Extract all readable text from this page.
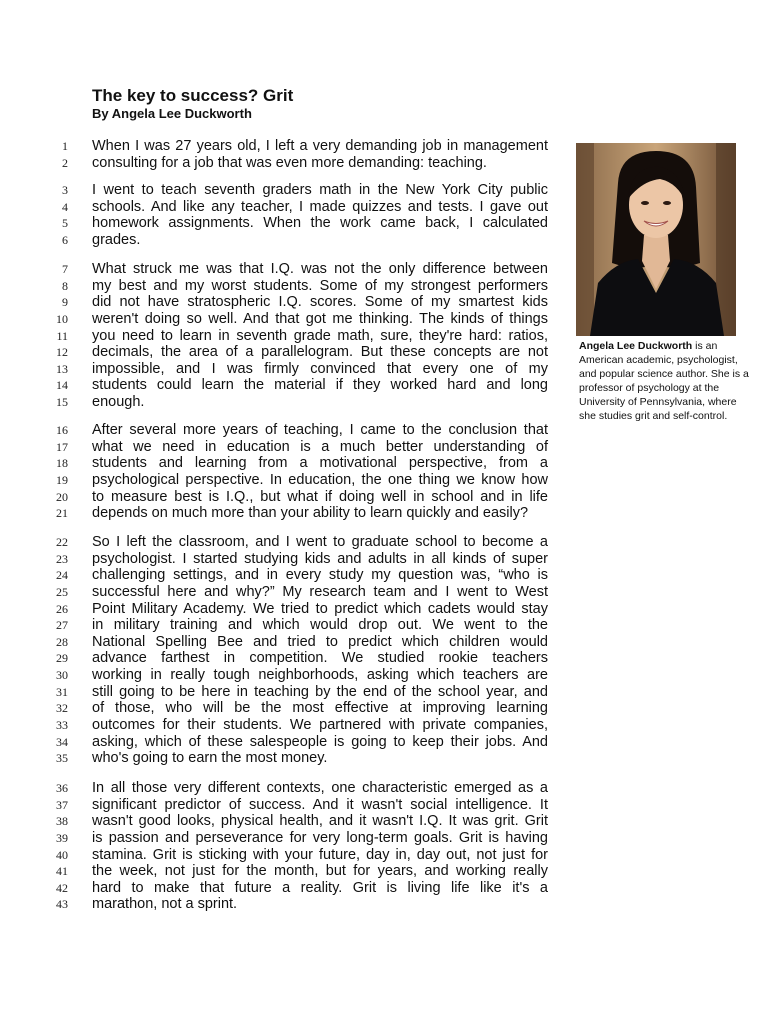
The key to success? Grit
By Angela Lee Duckworth
1 When I was 27 years old, I left a very demanding job in management
2 consulting for a job that was even more demanding: teaching.
3 I went to teach seventh graders math in the New York City public
4 schools. And like any teacher, I made quizzes and tests. I gave out
5 homework assignments. When the work came back, I calculated
6 grades.
7 What struck me was that I.Q. was not the only difference between
8 my best and my worst students. Some of my strongest performers
9 did not have stratospheric I.Q. scores. Some of my smartest kids
10 weren't doing so well. And that got me thinking. The kinds of things
11 you need to learn in seventh grade math, sure, they're hard: ratios,
12 decimals, the area of a parallelogram. But these concepts are not
13 impossible, and I was firmly convinced that every one of my
14 students could learn the material if they worked hard and long
15 enough.
16 After several more years of teaching, I came to the conclusion that
17 what we need in education is a much better understanding of
18 students and learning from a motivational perspective, from a
19 psychological perspective. In education, the one thing we know how
20 to measure best is I.Q., but what if doing well in school and in life
21 depends on much more than your ability to learn quickly and easily?
22 So I left the classroom, and I went to graduate school to become a
23 psychologist. I started studying kids and adults in all kinds of super
24 challenging settings, and in every study my question was, “who is
25 successful here and why?” My research team and I went to West
26 Point Military Academy. We tried to predict which cadets would stay
27 in military training and which would drop out. We went to the
28 National Spelling Bee and tried to predict which children would
29 advance farthest in competition. We studied rookie teachers
30 working in really tough neighborhoods, asking which teachers are
31 still going to be here in teaching by the end of the school year, and
32 of those, who will be the most effective at improving learning
33 outcomes for their students. We partnered with private companies,
34 asking, which of these salespeople is going to keep their jobs. And
35 who's going to earn the most money.
36 In all those very different contexts, one characteristic emerged as a
37 significant predictor of success. And it wasn't social intelligence. It
38 wasn't good looks, physical health, and it wasn't I.Q. It was grit. Grit
39 is passion and perseverance for very long-term goals. Grit is having
40 stamina. Grit is sticking with your future, day in, day out, not just for
41 the week, not just for the month, but for years, and working really
42 hard to make that future a reality. Grit is living life like it's a
43 marathon, not a sprint.
Angela Lee Duckworth is an American academic, psychologist, and popular science author. She is a professor of psychology at the University of Pennsylvania, where she studies grit and self-control.
